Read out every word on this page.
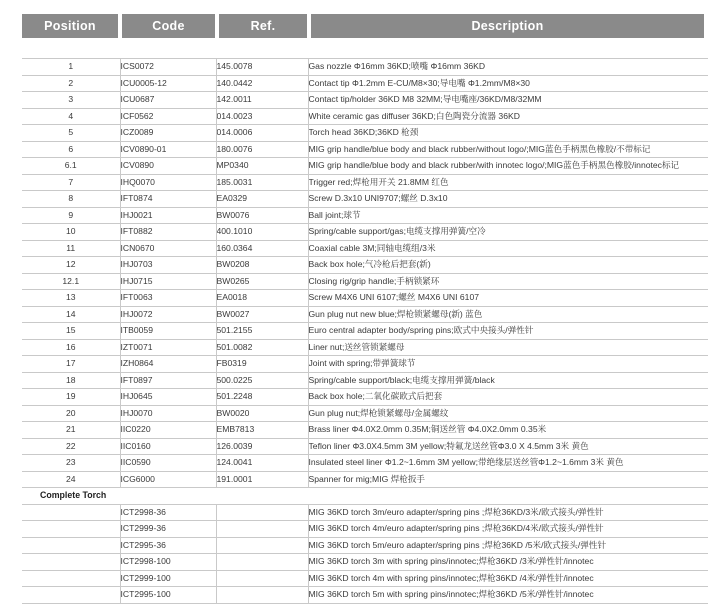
Position	Code	Ref.	Description
1	ICS0072	145.0078	Gas nozzle Φ16mm 36KD;喷嘴 Φ16mm 36KD
2	ICU0005-12	140.0442	Contact tip Φ1.2mm E-CU/M8×30;导电嘴 Φ1.2mm/M8×30
3	ICU0687	142.0011	Contact tip/holder 36KD M8 32MM;导电嘴座/36KD/M8/32MM
4	ICF0562	014.0023	White ceramic gas diffuser 36KD;白色陶瓷分流器 36KD
5	ICZ0089	014.0006	Torch head 36KD;36KD 枪颈
6	ICV0890-01	180.0076	MIG grip handle/blue body and black rubber/without logo/;MIG蓝色手柄黑色橡胶/不带标记
6.1	ICV0890	MP0340	MIG grip handle/blue body and black rubber/with innotec logo/;MIG蓝色手柄黑色橡胶/innotec标记
7	IHQ0070	185.0031	Trigger red;焊枪用开关 21.8MM 红色
8	IFT0874	EA0329	Screw D.3x10 UNI9707;螺丝 D.3x10
9	IHJ0021	BW0076	Ball joint;球节
10	IFT0882	400.1010	Spring/cable support/gas;电缆支撑用弹簧/空冷
11	ICN0670	160.0364	Coaxial cable 3M;同轴电缆组/3米
12	IHJ0703	BW0208	Back box hole;气冷枪后把套(新)
12.1	IHJ0715	BW0265	Closing rig/grip handle;手柄锁紧环
13	IFT0063	EA0018	Screw M4X6 UNI 6107;螺丝 M4X6 UNI 6107
14	IHJ0072	BW0027	Gun plug nut new blue;焊枪锁紧螺母(新) 蓝色
15	ITB0059	501.2155	Euro central adapter body/spring pins;欧式中央接头/弹性针
16	IZT0071	501.0082	Liner nut;送丝管锁紧螺母
17	IZH0864	FB0319	Joint with spring;带弹簧球节
18	IFT0897	500.0225	Spring/cable support/black;电缆支撑用弹簧/black
19	IHJ0645	501.2248	Back box hole;二氧化碳欧式后把套
20	IHJ0070	BW0020	Gun plug nut;焊枪锁紧螺母/金属螺纹
21	IIC0220	EMB7813	Brass liner Φ4.0X2.0mm 0.35M;铜送丝管 Φ4.0X2.0mm 0.35米
22	IIC0160	126.0039	Teflon liner Φ3.0X4.5mm 3M yellow;特氟龙送丝管Φ3.0 X 4.5mm 3米 黄色
23	IIC0590	124.0041	Insulated steel liner Φ1.2~1.6mm 3M yellow;带绝缘层送丝管Φ1.2~1.6mm 3米 黄色
24	ICG6000	191.0001	Spanner for mig;MIG 焊枪扳手
Complete Torch			
	ICT2998-36		MIG 36KD torch 3m/euro adapter/spring pins ;焊枪36KD/3米/欧式接头/弹性针
	ICT2999-36		MIG 36KD torch 4m/euro adapter/spring pins ;焊枪36KD/4米/欧式接头/弹性针
	ICT2995-36		MIG 36KD torch 5m/euro adapter/spring pins ;焊枪36KD /5米/欧式接头/弹性针
	ICT2998-100		MIG 36KD torch 3m with spring pins/innotec;焊枪36KD /3米/弹性针/innotec
	ICT2999-100		MIG 36KD torch 4m with spring pins/innotec;焊枪36KD /4米/弹性针/innotec
	ICT2995-100		MIG 36KD torch 5m with spring pins/innotec;焊枪36KD /5米/弹性针/innotec
